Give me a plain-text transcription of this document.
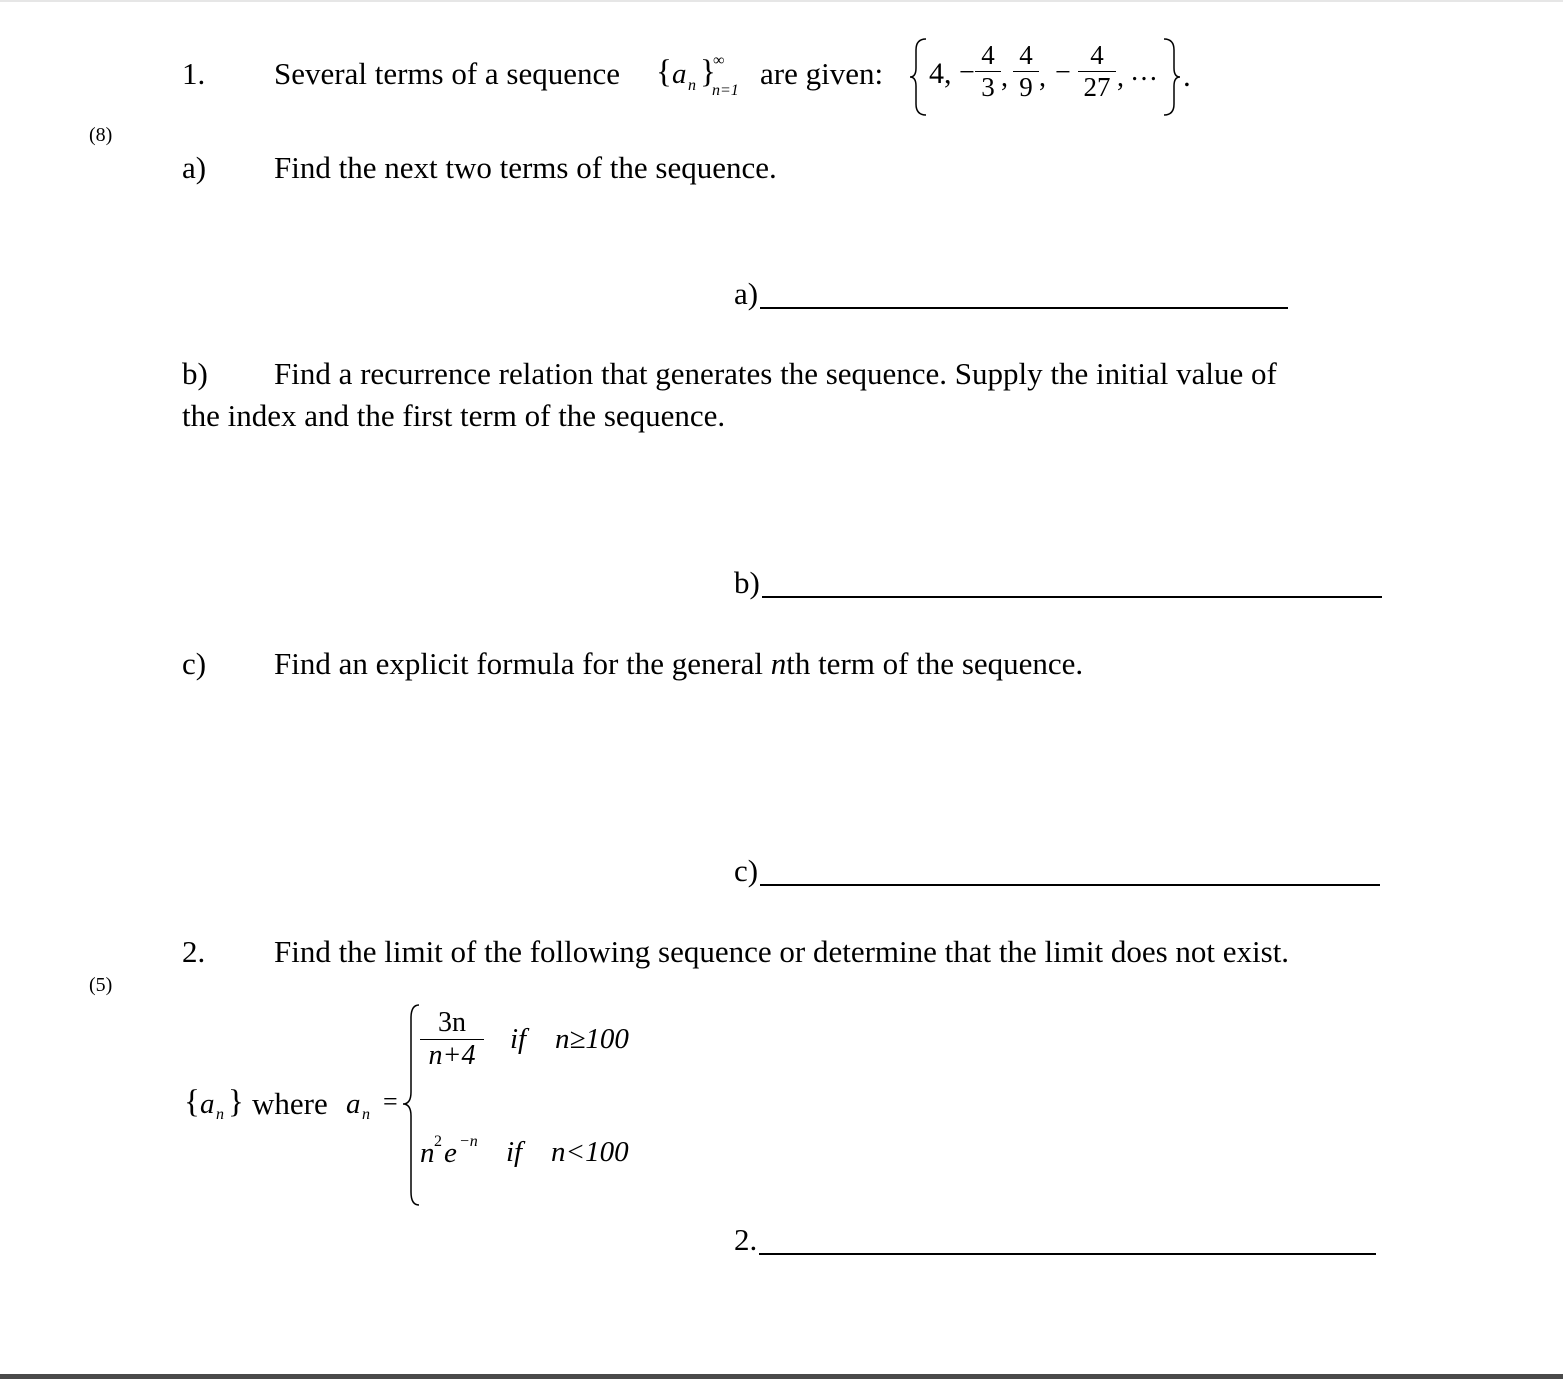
1.
(8)
Several terms of a sequence { a n }
∞
n=1 are given: 4, − $\frac{4}{3}$ , $\frac{4}{9}$ , − $\frac{4}{27}$ , … .
a) Find the next two terms of the sequence.
a)
b) Find a recurrence relation that generates the sequence. Supply the initial value of
the index and the first term of the sequence.
b)
c) Find an explicit formula for the general nth term of the sequence.
c)
2.
(5)
Find the limit of the following sequence or determine that the limit does not exist.
{ a n } where a n =
$\frac{3n}{n+4}$ if n≥100
n 2 e −n if n<100
2.
